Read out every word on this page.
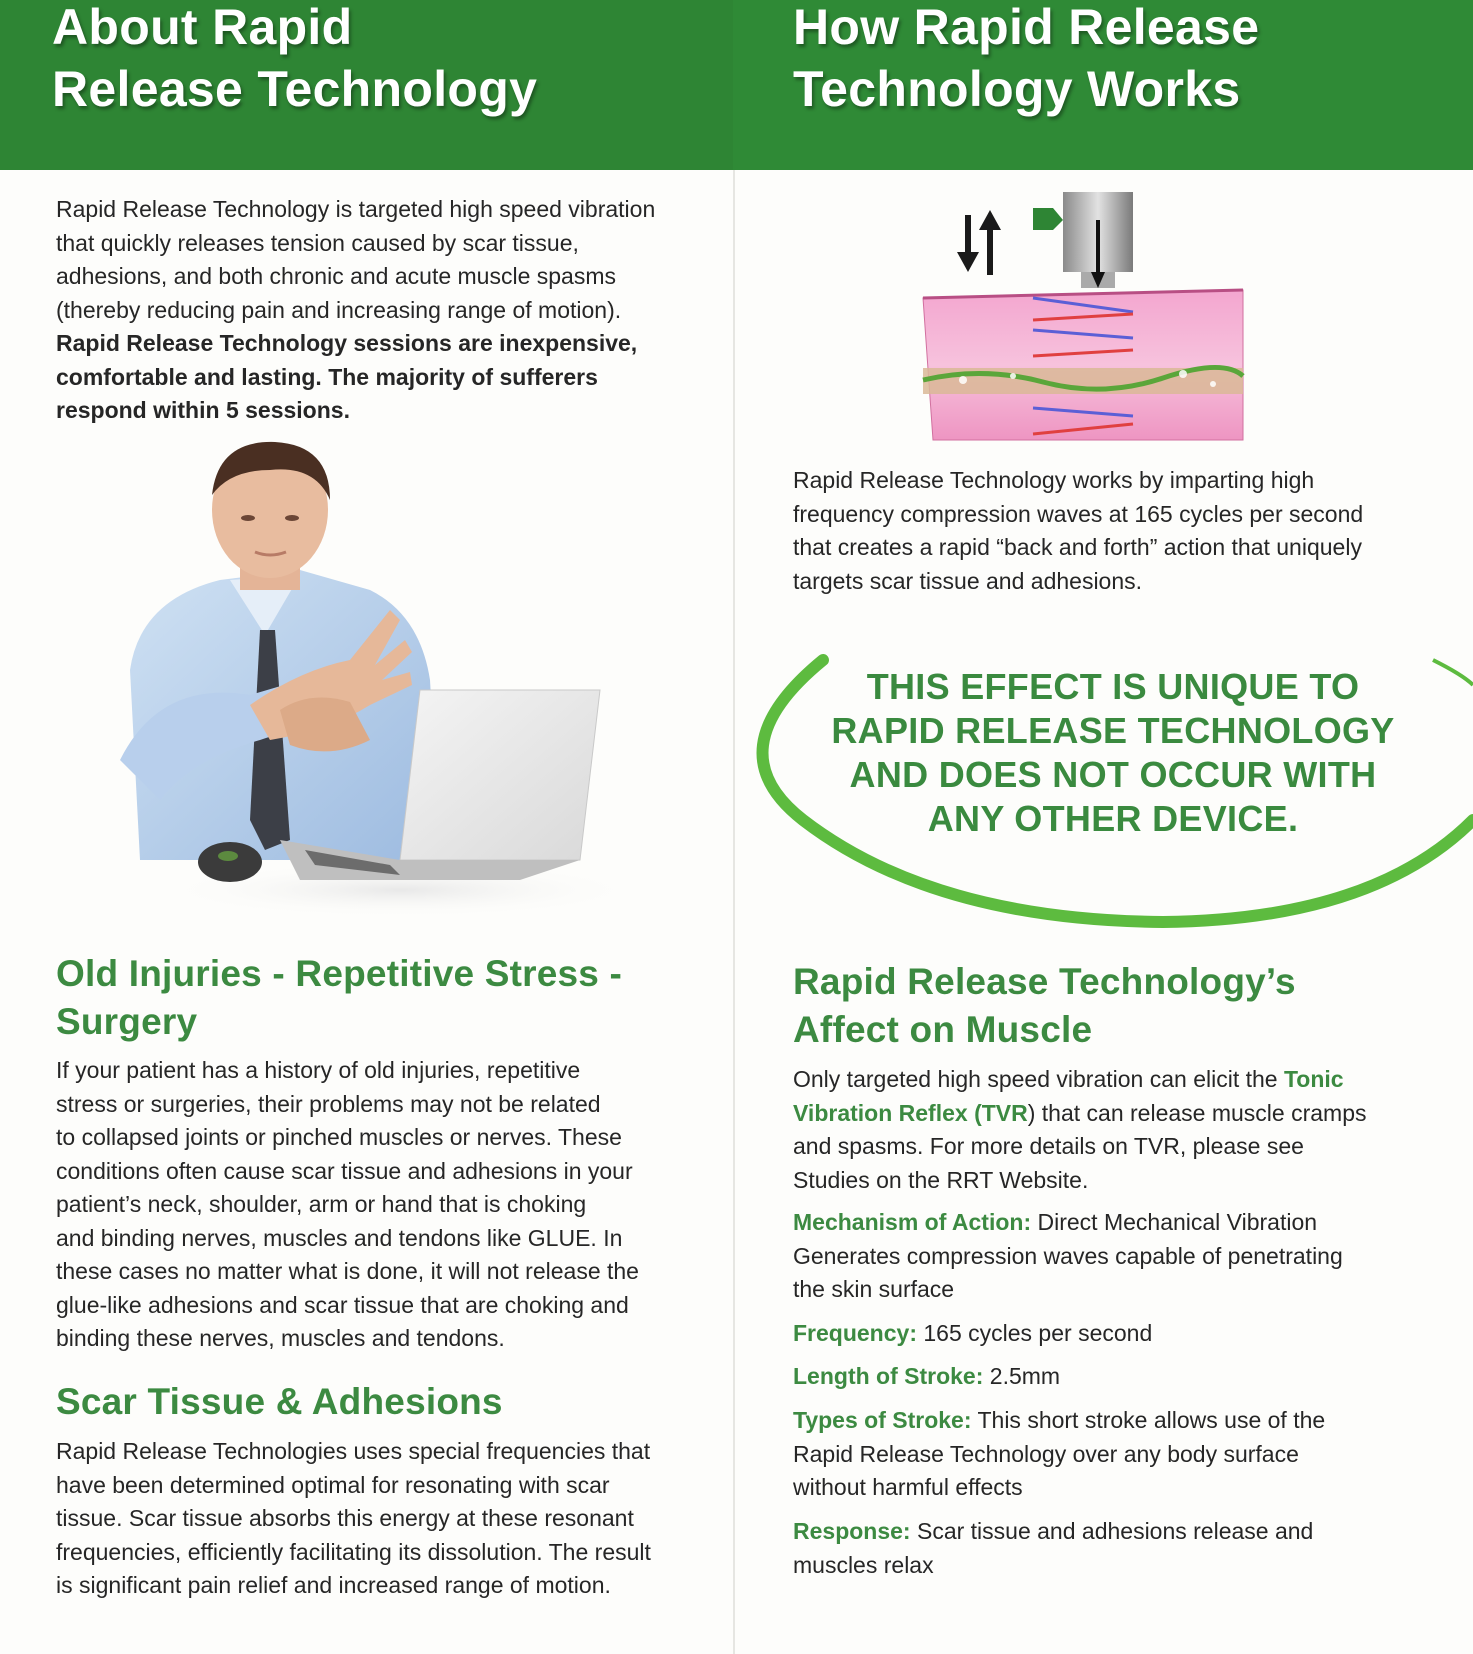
About Rapid
Release Technology
Rapid Release Technology is targeted high speed vibration
that quickly releases tension caused by scar tissue,
adhesions, and both chronic and acute muscle spasms
(thereby reducing pain and increasing range of motion).
Rapid Release Technology sessions are inexpensive,
comfortable and lasting. The majority of sufferers
respond within 5 sessions.
Old Injuries - Repetitive Stress -
Surgery
If your patient has a history of old injuries, repetitive
stress or surgeries, their problems may not be related
to collapsed joints or pinched muscles or nerves. These
conditions often cause scar tissue and adhesions in your
patient’s neck, shoulder, arm or hand that is choking
and binding nerves, muscles and tendons like GLUE. In
these cases no matter what is done, it will not release the
glue-like adhesions and scar tissue that are choking and
binding these nerves, muscles and tendons.
Scar Tissue & Adhesions
Rapid Release Technologies uses special frequencies that
have been determined optimal for resonating with scar
tissue. Scar tissue absorbs this energy at these resonant
frequencies, efficiently facilitating its dissolution. The result
is significant pain relief and increased range of motion.
How Rapid Release
Technology Works
Rapid Release Technology works by imparting high
frequency compression waves at 165 cycles per second
that creates a rapid “back and forth” action that uniquely
targets scar tissue and adhesions.
THIS EFFECT IS UNIQUE TO
RAPID RELEASE TECHNOLOGY
AND DOES NOT OCCUR WITH
ANY OTHER DEVICE.
Rapid Release Technology’s
Affect on Muscle
Only targeted high speed vibration can elicit the Tonic
Vibration Reflex (TVR) that can release muscle cramps
and spasms. For more details on TVR, please see
Studies on the RRT Website.
Mechanism of Action: Direct Mechanical Vibration
Generates compression waves capable of penetrating
the skin surface
Frequency: 165 cycles per second
Length of Stroke: 2.5mm
Types of Stroke: This short stroke allows use of the
Rapid Release Technology over any body surface
without harmful effects
Response: Scar tissue and adhesions release and
muscles relax
